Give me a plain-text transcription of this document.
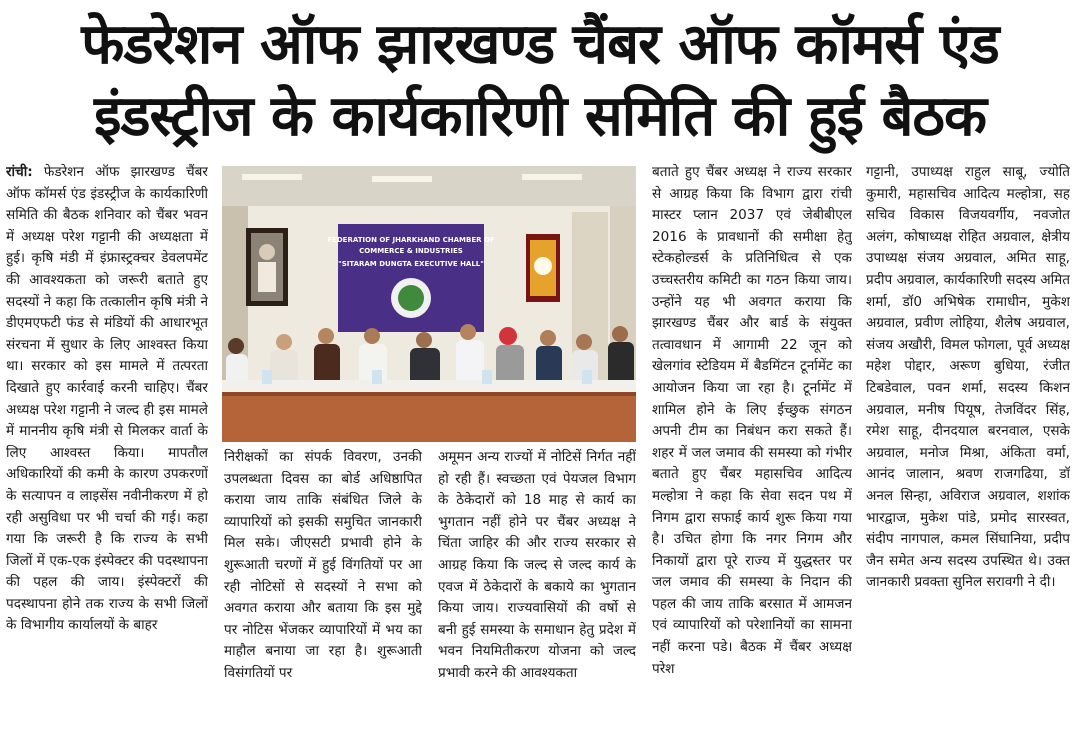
फेडरेशन ऑफ झारखण्ड चैंबर ऑफ कॉमर्स एंड
इंडस्ट्रीज के कार्यकारिणी समिति की हुई बैठक
रांची: फेडरेशन ऑफ झारखण्ड चैंबर ऑफ कॉमर्स एंड इंडस्ट्रीज के कार्यकारिणी समिति की बैठक शनिवार को चैंबर भवन में अध्यक्ष परेश गट्टानी की अध्यक्षता में हुई। कृषि मंडी में इंफ्रास्ट्रक्चर डेवलपमेंट की आवश्यकता को जरूरी बताते हुए सदस्यों ने कहा कि तत्कालीन कृषि मंत्री ने डीएमएफटी फंड से मंडियों की आधारभूत संरचना में सुधार के लिए आश्वस्त किया था। सरकार को इस मामले में तत्परता दिखाते हुए कार्रवाई करनी चाहिए। चैंबर अध्यक्ष परेश गट्टानी ने जल्द ही इस मामले में माननीय कृषि मंत्री से मिलकर वार्ता के लिए आश्वस्त किया। मापतौल अधिकारियों की कमी के कारण उपकरणों के सत्यापन व लाइसेंस नवीनीकरण में हो रही असुविधा पर भी चर्चा की गई। कहा गया कि जरूरी है कि राज्य के सभी जिलों में एक-एक इंस्पेक्टर की पदस्थापना की पहल की जाय। इंस्पेक्टरों की पदस्थापना होने तक राज्य के सभी जिलों के विभागीय कार्यालयों के बाहर
FEDERATION OF JHARKHAND CHAMBER OF
COMMERCE & INDUSTRIES
"SITARAM DUNGTA EXECUTIVE HALL"
निरीक्षकों का संपर्क विवरण, उनकी उपलब्धता दिवस का बोर्ड अधिष्ठापित कराया जाय ताकि संबंधित जिले के व्यापारियों को इसकी समुचित जानकारी मिल सके। जीएसटी प्रभावी होने के शुरूआती चरणों में हुई विंगतियों पर आ रही नोटिसों से सदस्यों ने सभा को अवगत कराया और बताया कि इस मुद्दे पर नोटिस भेंजकर व्यापारियों में भय का माहौल बनाया जा रहा है। शुरूआती विसंगतियों पर
अमूमन अन्य राज्यों में नोटिसें निर्गत नहीं हो रही हैं। स्वच्छता एवं पेयजल विभाग के ठेकेदारों को 18 माह से कार्य का भुगतान नहीं होने पर चैंबर अध्यक्ष ने चिंता जाहिर की और राज्य सरकार से आग्रह किया कि जल्द से जल्द कार्य के एवज में ठेकेदारों के बकाये का भुगतान किया जाय। राज्यवासियों की वर्षो से बनी हुई समस्या के समाधान हेतु प्रदेश में भवन नियमितीकरण योजना को जल्द प्रभावी करने की आवश्यकता
बताते हुए चैंबर अध्यक्ष ने राज्य सरकार से आग्रह किया कि विभाग द्वारा रांची मास्टर प्लान 2037 एवं जेबीबीएल 2016 के प्रावधानों की समीक्षा हेतु स्टेकहोल्डर्स के प्रतिनिधित्व से एक उच्चस्तरीय कमिटी का गठन किया जाय। उन्होंने यह भी अवगत कराया कि झारखण्ड चैंबर और बार्ड के संयुक्त तत्वावधान में आगामी 22 जून को खेलगांव स्टेडियम में बैडमिंटन टूर्नामेंट का आयोजन किया जा रहा है। टूर्नामेंट में शामिल होने के लिए ईच्छुक संगठन अपनी टीम का निबंधन करा सकते हैं। शहर में जल जमाव की समस्या को गंभीर बताते हुए चैंबर महासचिव आदित्य मल्होत्रा ने कहा कि सेवा सदन पथ में निगम द्वारा सफाई कार्य शुरू किया गया है। उचित होगा कि नगर निगम और निकायों द्वारा पूरे राज्य में युद्धस्तर पर जल जमाव की समस्या के निदान की पहल की जाय ताकि बरसात में आमजन एवं व्यापारियों को परेशानियों का सामना नहीं करना पडे। बैठक में चैंबर अध्यक्ष परेश
गट्टानी, उपाध्यक्ष राहुल साबू, ज्योति कुमारी, महासचिव आदित्य मल्होत्रा, सह सचिव विकास विजयवर्गीय, नवजोत अलंग, कोषाध्यक्ष रोहित अग्रवाल, क्षेत्रीय उपाध्यक्ष संजय अग्रवाल, अमित साहू, प्रदीप अग्रवाल, कार्यकारिणी सदस्य अमित शर्मा, डॉ0 अभिषेक रामाधीन, मुकेश अग्रवाल, प्रवीण लोहिया, शैलेष अग्रवाल, संजय अखौरी, विमल फोगला, पूर्व अध्यक्ष महेश पोद्दार, अरूण बुधिया, रंजीत टिबडेवाल, पवन शर्मा, सदस्य किशन अग्रवाल, मनीष पियूष, तेजविंदर सिंह, रमेश साहू, दीनदयाल बरनवाल, एसके अग्रवाल, मनोज मिश्रा, अंकिता वर्मा, आनंद जालान, श्रवण राजगढिया, डॉ अनल सिन्हा, अविराज अग्रवाल, शशांक भारद्वाज, मुकेश पांडे, प्रमोद सारस्वत, संदीप नागपाल, कमल सिंघानिया, प्रदीप जैन समेत अन्य सदस्य उपस्थित थे। उक्त जानकारी प्रवक्ता सुनिल सरावगी ने दी।
